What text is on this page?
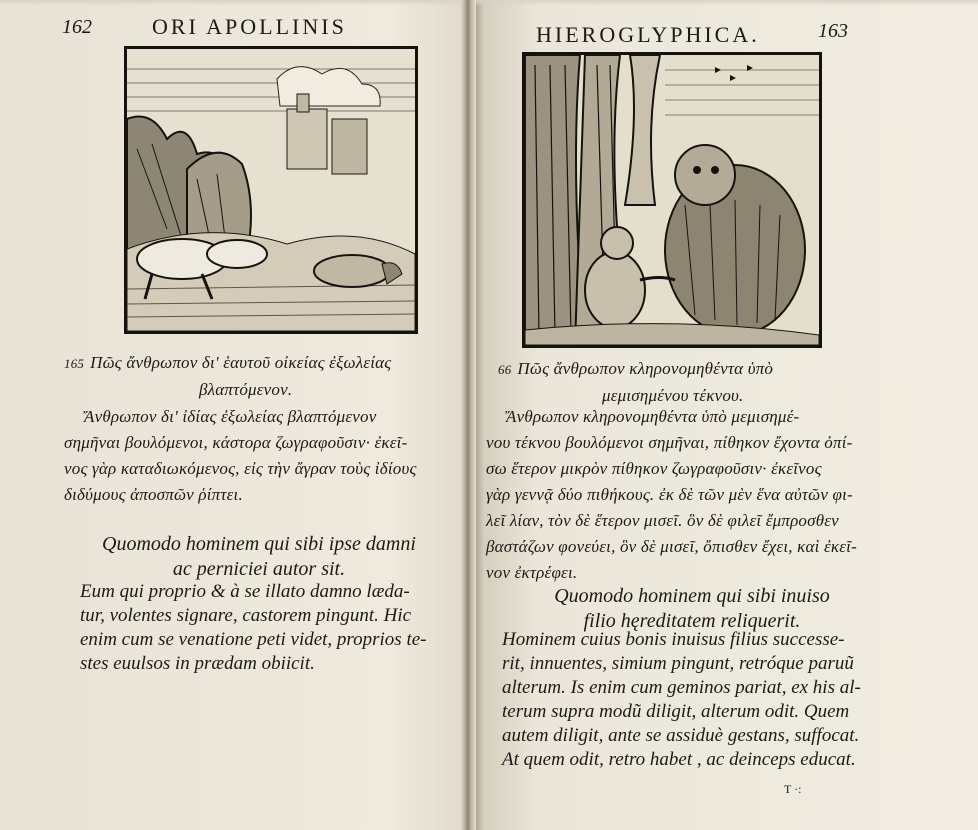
162	ORI APOLLINIS
165 Πῶς ἄνθρωπον δι' ἑαυτοῦ οἰκείας ἐξωλείας
βλαπτόμενον.
Ἄνθρωπον δι' ἰδίας ἐξωλείας βλαπτόμενον
σημῆναι βουλόμενοι, κάστορα ζωγραφοῦσιν· ἐκεῖ-
νος γὰρ καταδιωκόμενος, εἰς τὴν ἄγραν τοὺς ἰδίους
διδύμους ἀποσπῶν ῥίπτει.
Quomodo hominem qui sibi ipse damni
ac perniciei autor sit.
Eum qui proprio & à se illato damno læda-
tur, volentes signare, castorem pingunt. Hic
enim cum se venatione peti videt, proprios te-
stes euulsos in prædam obiicit.
HIEROGLYPHICA.	163
66 Πῶς ἄνθρωπον κληρονομηθέντα ὑπὸ
μεμισημένου τέκνου.
Ἄνθρωπον κληρονομηθέντα ὑπὸ μεμισημέ-
νου τέκνου βουλόμενοι σημῆναι, πίθηκον ἔχοντα ὀπί-
σω ἕτερον μικρὸν πίθηκον ζωγραφοῦσιν· ἐκεῖνος
γὰρ γεννᾷ δύο πιθήκους. ἐκ δὲ τῶν μὲν ἕνα αὐτῶν φι-
λεῖ λίαν, τὸν δὲ ἕτερον μισεῖ. ὃν δὲ φιλεῖ ἔμπροσθεν
βαστάζων φονεύει, ὃν δὲ μισεῖ, ὄπισθεν ἔχει, καὶ ἐκεῖ-
νον ἐκτρέφει.
Quomodo hominem qui sibi inuiso
filio hęreditatem reliquerit.
Hominem cuius bonis inuisus filius successe-
rit, innuentes, simium pingunt, retróque paruũ
alterum. Is enim cum geminos pariat, ex his al-
terum supra modũ diligit, alterum odit. Quem
autem diligit, ante se assiduè gestans, suffocat.
At quem odit, retro habet , ac deinceps educat.
T ·:
